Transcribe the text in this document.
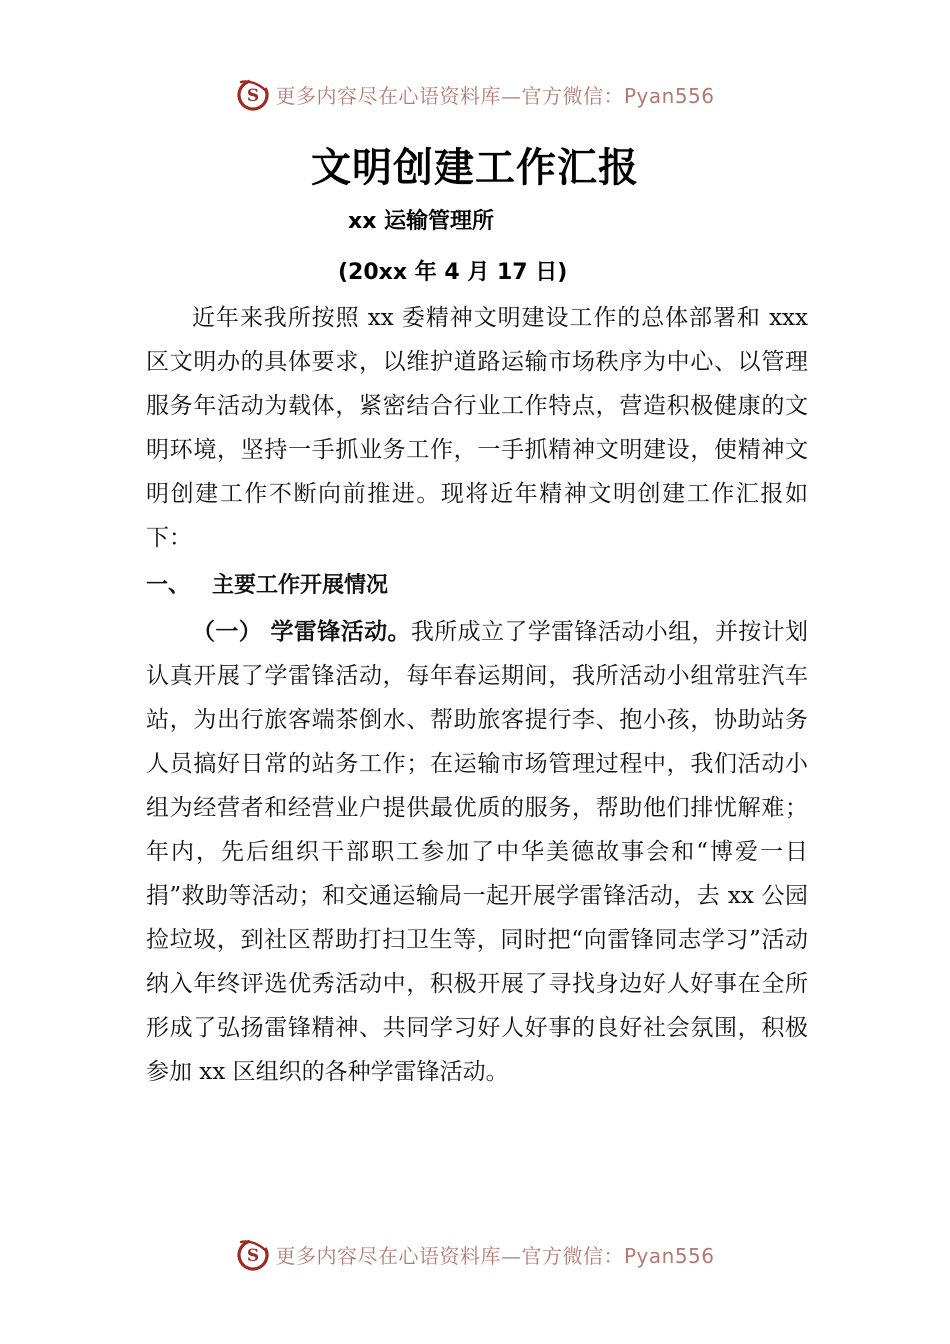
S 更多内容尽在心语资料库—官方微信：Pyan556
文明创建工作汇报
xx 运输管理所
(20xx 年 4 月 17 日)

近年来我所按照 xx 委精神文明建设工作的总体部署和 xxx 区文明办的具体要求，以维护道路运输市场秩序为中心、以管理服务年活动为载体，紧密结合行业工作特点，营造积极健康的文明环境，坚持一手抓业务工作，一手抓精神文明建设，使精神文明创建工作不断向前推进。现将近年精神文明创建工作汇报如下：

一、 主要工作开展情况

（一） 学雷锋活动。我所成立了学雷锋活动小组，并按计划认真开展了学雷锋活动，每年春运期间，我所活动小组常驻汽车站，为出行旅客端茶倒水、帮助旅客提行李、抱小孩，协助站务人员搞好日常的站务工作；在运输市场管理过程中，我们活动小组为经营者和经营业户提供最优质的服务，帮助他们排忧解难；年内，先后组织干部职工参加了中华美德故事会和“博爱一日捐”救助等活动；和交通运输局一起开展学雷锋活动，去 xx 公园捡垃圾，到社区帮助打扫卫生等，同时把“向雷锋同志学习”活动纳入年终评选优秀活动中，积极开展了寻找身边好人好事在全所形成了弘扬雷锋精神、共同学习好人好事的良好社会氛围，积极参加 xx 区组织的各种学雷锋活动。

S 更多内容尽在心语资料库—官方微信：Pyan556
